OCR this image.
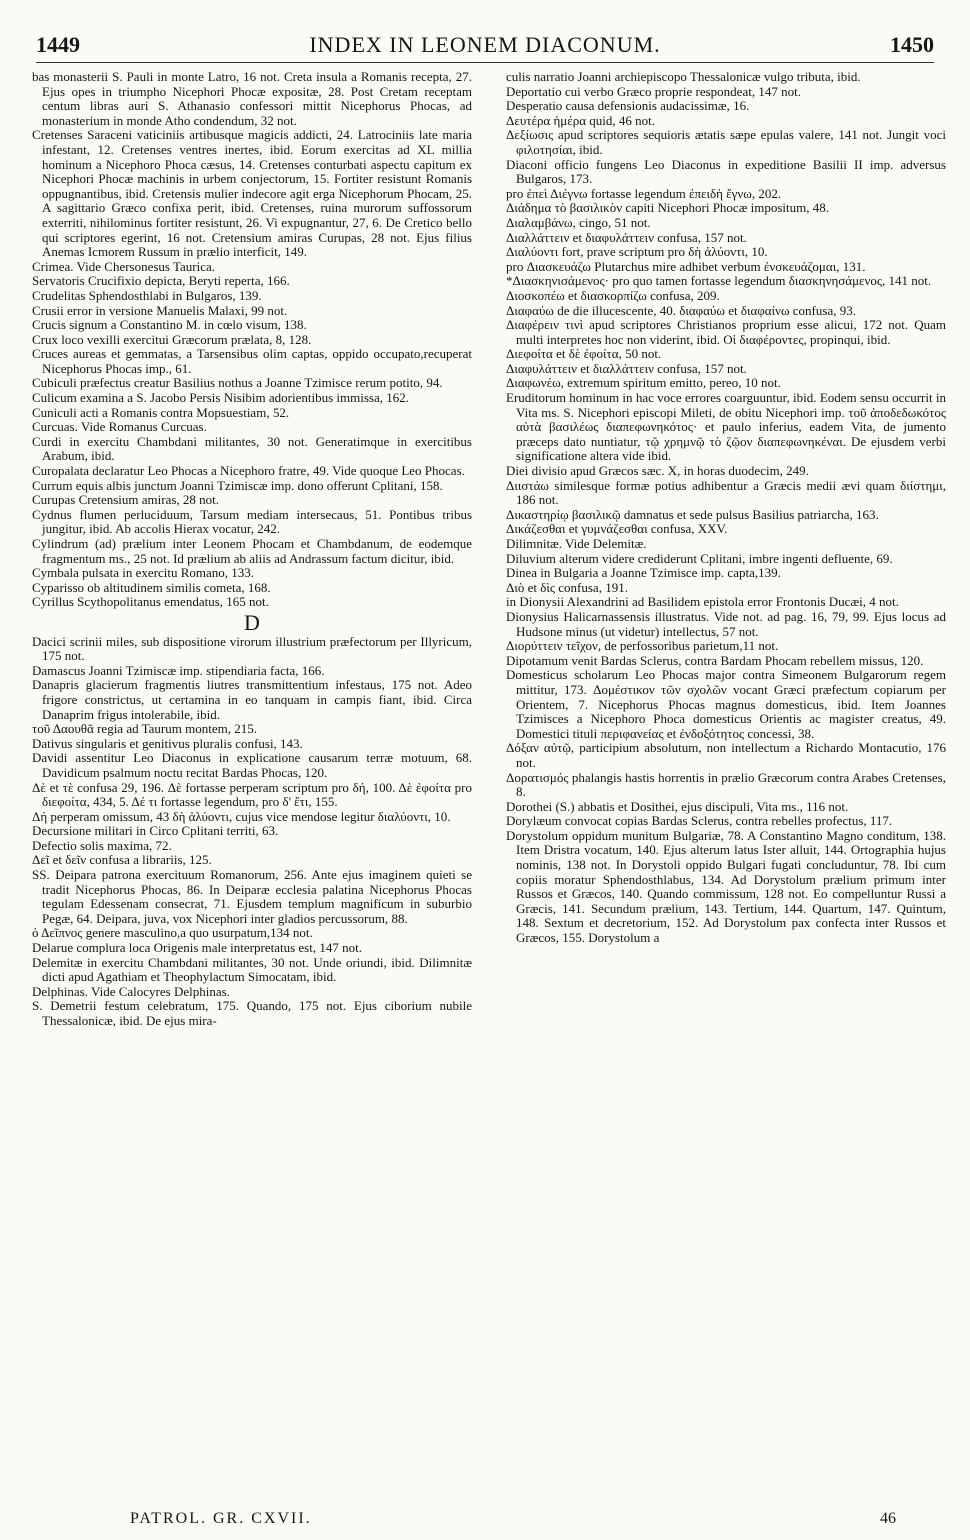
1449	INDEX IN LEONEM DIACONUM.	1450

bas monasterii S. Pauli in monte Latro, 16 not. Creta insula a Romanis recepta, 27. Ejus opes in triumpho Nicephori Phocæ expositæ, 28. Post Cretam receptam centum libras auri S. Athanasio confessori mittit Nicephorus Phocas, ad monasterium in monde Atho condendum, 32 not.

Cretenses Saraceni vaticiniis artibusque magicis addicti, 24. Latrociniis late maria infestant, 12. Cretenses ventres inertes, ibid. Eorum exercitas ad XL millia hominum a Nicephoro Phoca cæsus, 14. Cretenses conturbati aspectu capitum ex Nicephori Phocæ machinis in urbem conjectorum, 15. Fortiter resistunt Romanis oppugnantibus, ibid. Cretensis mulier indecore agit erga Nicephorum Phocam, 25. A sagittario Græco confixa perit, ibid. Cretenses, ruina murorum suffossorum exterriti, nihilominus fortiter resistunt, 26. Vi expugnantur, 27, 6. De Cretico bello qui scriptores egerint, 16 not. Cretensium amiras Curupas, 28 not. Ejus filius Anemas Icmorem Russum in prælio interficit, 149.

Crimea. Vide Chersonesus Taurica.

Servatoris Crucifixio depicta, Beryti reperta, 166.

Crudelitas Sphendosthlabi in Bulgaros, 139.

Crusii error in versione Manuelis Malaxi, 99 not.

Crucis signum a Constantino M. in cœlo visum, 138.

Crux loco vexilli exercitui Græcorum prælata, 8, 128.

Cruces aureas et gemmatas, a Tarsensibus olim captas, oppido occupato,recuperat Nicephorus Phocas imp., 61.

Cubiculi præfectus creatur Basilius nothus a Joanne Tzimisce rerum potito, 94.

Culicum examina a S. Jacobo Persis Nisibim adorientibus immissa, 162.

Cuniculi acti a Romanis contra Mopsuestiam, 52.

Curcuas. Vide Romanus Curcuas.

Curdi in exercitu Chambdani militantes, 30 not. Generatimque in exercitibus Arabum, ibid.

Curopalata declaratur Leo Phocas a Nicephoro fratre, 49. Vide quoque Leo Phocas.

Currum equis albis junctum Joanni Tzimiscæ imp. dono offerunt Cplitani, 158.

Curupas Cretensium amiras, 28 not.

Cydnus flumen perluciduum, Tarsum mediam intersecaus, 51. Pontibus tribus jungitur, ibid. Ab accolis Hierax vocatur, 242.

Cylindrum (ad) prælium inter Leonem Phocam et Chambdanum, de eodemque fragmentum ms., 25 not. Id prælium ab aliis ad Andrassum factum dicitur, ibid.

Cymbala pulsata in exercitu Romano, 133.

Cyparisso ob altitudinem similis cometa, 168.

Cyrillus Scythopolitanus emendatus, 165 not.

D

Dacici scrinii miles, sub dispositione virorum illustrium præfectorum per Illyricum, 175 not.

Damascus Joanni Tzimiscæ imp. stipendiaria facta, 166.

Danapris glacierum fragmentis liutres transmittentium infestaus, 175 not. Adeo frigore constrictus, ut certamina in eo tanquam in campis fiant, ibid. Circa Danaprim frigus intolerabile, ibid.

τοῦ Δαουθᾶ regia ad Taurum montem, 215.

Dativus singularis et genitivus pluralis confusi, 143.

Davidi assentitur Leo Diaconus in explicatione causarum terræ motuum, 68. Davidicum psalmum noctu recitat Bardas Phocas, 120.

Δὲ et τὲ confusa 29, 196. Δὲ fortasse perperam scriptum pro δή, 100. Δὲ ἐφοίτα pro διεφοίτα, 434, 5. Δέ τι fortasse legendum, pro δ' ἔτι, 155.

Δή perperam omissum, 43 δὴ ἀλύοντι, cujus vice mendose legitur διαλύοντι, 10.

Decursione militari in Circo Cplitani territi, 63.

Defectio solis maxima, 72.

Δεῖ et δεῖν confusa a librariis, 125.

SS. Deipara patrona exercituum Romanorum, 256. Ante ejus imaginem quieti se tradit Nicephorus Phocas, 86. In Deiparæ ecclesia palatina Nicephorus Phocas tegulam Edessenam consecrat, 71. Ejusdem templum magnificum in suburbio Pegæ, 64. Deipara, juva, vox Nicephori inter gladios percussorum, 88.

ὁ Δεῖπνος genere masculino,a quo usurpatum,134 not.

Delarue complura loca Origenis male interpretatus est, 147 not.

Delemitæ in exercitu Chambdani militantes, 30 not. Unde oriundi, ibid. Dilimnitæ dicti apud Agathiam et Theophylactum Simocatam, ibid.

Delphinas. Vide Calocyres Delphinas.

S. Demetrii festum celebratum, 175. Quando, 175 not. Ejus ciborium nubile Thessalonicæ, ibid. De ejus mira-

culis narratio Joanni archiepiscopo Thessalonicæ vulgo tributa, ibid.

Deportatio cui verbo Græco proprie respondeat, 147 not.

Desperatio causa defensionis audacissimæ, 16.

Δευτέρα ἡμέρα quid, 46 not.

Δεξίωσις apud scriptores sequioris ætatis sæpe epulas valere, 141 not. Jungit voci φιλοτησίαι, ibid.

Diaconi officio fungens Leo Diaconus in expeditione Basilii II imp. adversus Bulgaros, 173.

pro ἐπεὶ Διέγνω fortasse legendum ἐπειδὴ ἔγνω, 202.

Διάδημα τὸ βασιλικὸν capiti Nicephori Phocæ impositum, 48.

Διαλαμβάνω, cingo, 51 not.

Διαλλάττειν et διαφυλάττειν confusa, 157 not.

Διαλύοντι fort, prave scriptum pro δὴ ἀλύοντι, 10.

pro Διασκευάζω Plutarchus mire adhibet verbum ἐνσκευάζομαι, 131.

*Διασκηνισάμενος· pro quo tamen fortasse legendum διασκηνησάμενος, 141 not.

Διοσκοπέω et διασκορπίζω confusa, 209.

Διαφαύω de die illucescente, 40. διαφαύω et διαφαίνω confusa, 93.

Διαφέρειν τινὶ apud scriptores Christianos proprium esse alicui, 172 not. Quam multi interpretes hoc non viderint, ibid. Οἱ διαφέροντες, propinqui, ibid.

Διεφοίτα et δὲ ἐφοίτα, 50 not.

Διαφυλάττειν et διαλλάττειν confusa, 157 not.

Διαφωνέω, extremum spiritum emitto, pereo, 10 not.

Eruditorum hominum in hac voce errores coarguuntur, ibid. Eodem sensu occurrit in Vita ms. S. Nicephori episcopi Mileti, de obitu Nicephori imp. τοῦ ἀποδεδωκότος αὐτὰ βασιλέως διαπεφωνηκότος· et paulo inferius, eadem Vita, de jumento præceps dato nuntiatur, τῷ χρημνῷ τὸ ζῷον διαπεφωνηκέναι. De ejusdem verbi significatione altera vide ibid.

Diei divisio apud Græcos sæc. X, in horas duodecim, 249.

Διιστάω similesque formæ potius adhibentur a Græcis medii ævi quam διίστημι, 186 not.

Δικαστηρίῳ βασιλικῷ damnatus et sede pulsus Basilius patriarcha, 163.

Δικάζεσθαι et γυμνάζεσθαι confusa, XXV.

Dilimnitæ. Vide Delemitæ.

Diluvium alterum videre crediderunt Cplitani, imbre ingenti defluente, 69.

Dinea in Bulgaria a Joanne Tzimisce imp. capta,139.

Διὸ et δὶς confusa, 191.

in Dionysii Alexandrini ad Basilidem epistola error Frontonis Ducæi, 4 not.

Dionysius Halicarnassensis illustratus. Vide not. ad pag. 16, 79, 99. Ejus locus ad Hudsone minus (ut videtur) intellectus, 57 not.

Διορύττειν τεῖχον, de perfossoribus parietum,11 not.

Dipotamum venit Bardas Sclerus, contra Bardam Phocam rebellem missus, 120.

Domesticus scholarum Leo Phocas major contra Simeonem Bulgarorum regem mittitur, 173. Δομέστικον τῶν σχολῶν vocant Græci præfectum copiarum per Orientem, 7. Nicephorus Phocas magnus domesticus, ibid. Item Joannes Tzimisces a Nicephoro Phoca domesticus Orientis ac magister creatus, 49. Domestici tituli περιφανείας et ἐνδοξότητος concessi, 38.

Δόξαν αὐτῷ, participium absolutum, non intellectum a Richardo Montacutio, 176 not.

Δορατισμός phalangis hastis horrentis in prælio Græcorum contra Arabes Cretenses, 8.

Dorothei (S.) abbatis et Dosithei, ejus discipuli, Vita ms., 116 not.

Dorylæum convocat copias Bardas Sclerus, contra rebelles profectus, 117.

Dorystolum oppidum munitum Bulgariæ, 78. A Constantino Magno conditum, 138. Item Dristra vocatum, 140. Ejus alterum latus Ister alluit, 144. Ortographia hujus nominis, 138 not. In Dorystoli oppido Bulgari fugati concluduntur, 78. Ibi cum copiis moratur Sphendosthlabus, 134. Ad Dorystolum prælium primum inter Russos et Græcos, 140. Quando commissum, 128 not. Eo compelluntur Russi a Græcis, 141. Secundum prælium, 143. Tertium, 144. Quartum, 147. Quintum, 148. Sextum et decretorium, 152. Ad Dorystolum pax confecta inter Russos et Græcos, 155. Dorystolum a

PATROL. GR. CXVII.	46
